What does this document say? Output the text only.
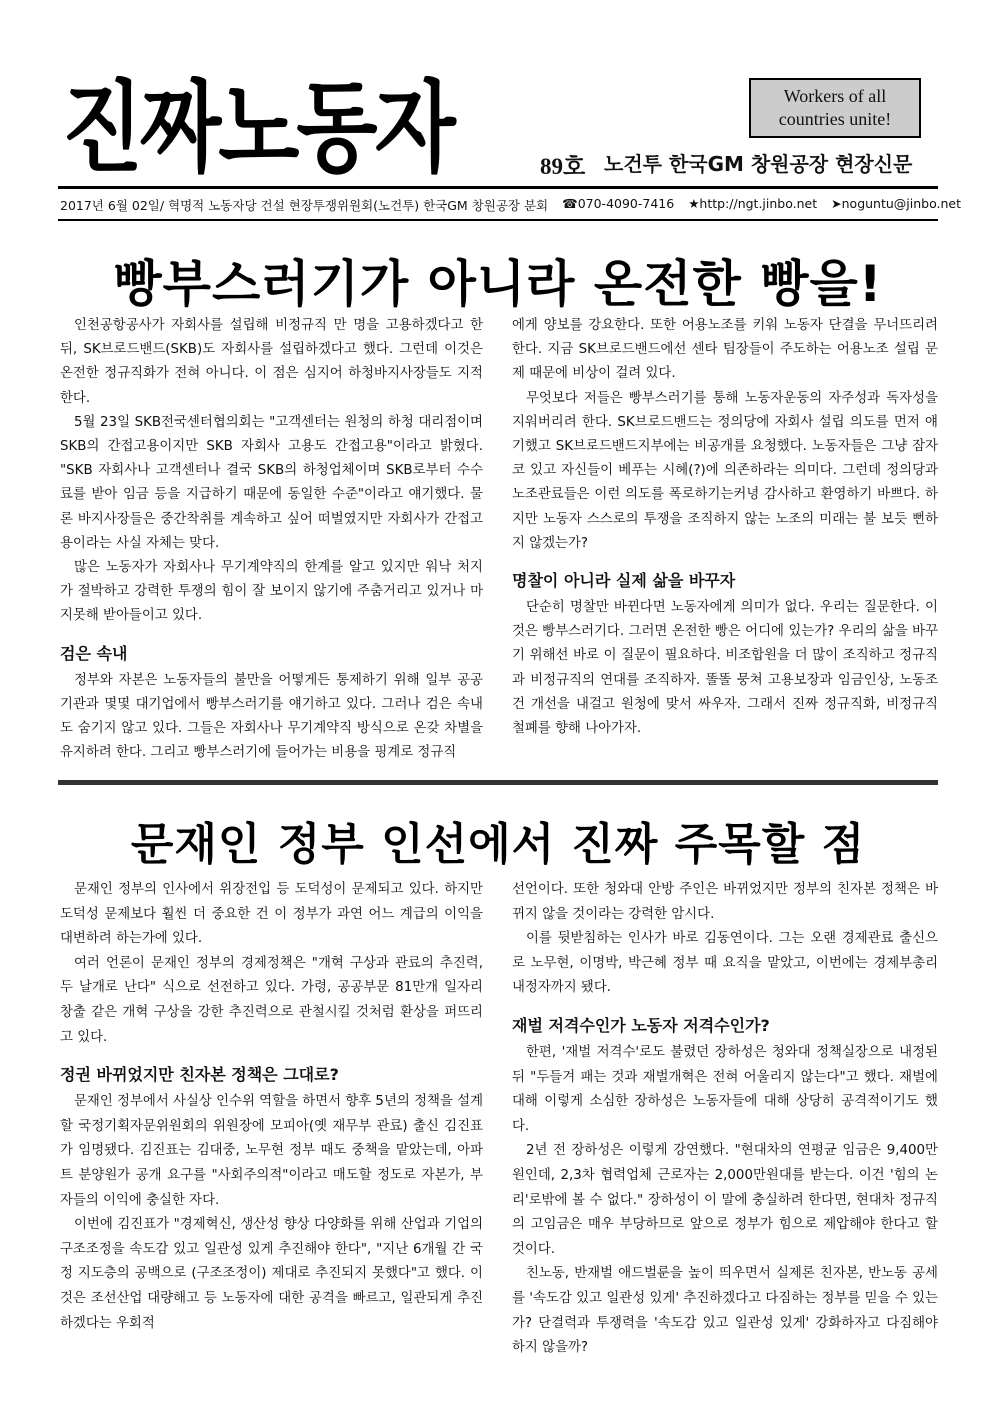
진짜노동자	Workers of all countries unite!
89호 노건투 한국GM 창원공장 현장신문
2017년 6월 02일/ 혁명적 노동자당 건설 현장투쟁위원회(노건투) 한국GM 창원공장 분회 ☎070-4090-7416 ★http://ngt.jinbo.net ➤noguntu@jinbo.net
빵부스러기가 아니라 온전한 빵을!

인천공항공사가 자회사를 설립해 비정규직 만 명을 고용하겠다고 한 뒤, SK브로드밴드(SKB)도 자회사를 설립하겠다고 했다. 그런데 이것은 온전한 정규직화가 전혀 아니다. 이 점은 심지어 하청바지사장들도 지적한다.

5월 23일 SKB전국센터협의회는 "고객센터는 원청의 하청 대리점이며 SKB의 간접고용이지만 SKB 자회사 고용도 간접고용"이라고 밝혔다. "SKB 자회사나 고객센터나 결국 SKB의 하청업체이며 SKB로부터 수수료를 받아 임금 등을 지급하기 때문에 동일한 수준"이라고 얘기했다. 물론 바지사장들은 중간착취를 계속하고 싶어 떠벌였지만 자회사가 간접고용이라는 사실 자체는 맞다.

많은 노동자가 자회사나 무기계약직의 한계를 알고 있지만 워낙 처지가 절박하고 강력한 투쟁의 힘이 잘 보이지 않기에 주춤거리고 있거나 마지못해 받아들이고 있다.

검은 속내

정부와 자본은 노동자들의 불만을 어떻게든 통제하기 위해 일부 공공기관과 몇몇 대기업에서 빵부스러기를 얘기하고 있다. 그러나 검은 속내도 숨기지 않고 있다. 그들은 자회사나 무기계약직 방식으로 온갖 차별을 유지하려 한다. 그리고 빵부스러기에 들어가는 비용을 핑계로 정규직

에게 양보를 강요한다. 또한 어용노조를 키워 노동자 단결을 무너뜨리려 한다. 지금 SK브로드밴드에선 센타 팀장들이 주도하는 어용노조 설립 문제 때문에 비상이 걸려 있다.

무엇보다 저들은 빵부스러기를 통해 노동자운동의 자주성과 독자성을 지워버리려 한다. SK브로드밴드는 정의당에 자회사 설립 의도를 먼저 얘기했고 SK브로드밴드지부에는 비공개를 요청했다. 노동자들은 그냥 잠자코 있고 자신들이 베푸는 시혜(?)에 의존하라는 의미다. 그런데 정의당과 노조관료들은 이런 의도를 폭로하기는커녕 감사하고 환영하기 바쁘다. 하지만 노동자 스스로의 투쟁을 조직하지 않는 노조의 미래는 불 보듯 뻔하지 않겠는가?

명찰이 아니라 실제 삶을 바꾸자

단순히 명찰만 바뀐다면 노동자에게 의미가 없다. 우리는 질문한다. 이것은 빵부스러기다. 그러면 온전한 빵은 어디에 있는가? 우리의 삶을 바꾸기 위해선 바로 이 질문이 필요하다. 비조합원을 더 많이 조직하고 정규직과 비정규직의 연대를 조직하자. 똘똘 뭉쳐 고용보장과 임금인상, 노동조건 개선을 내걸고 원청에 맞서 싸우자. 그래서 진짜 정규직화, 비정규직 철폐를 향해 나아가자.

문재인 정부 인선에서 진짜 주목할 점

문재인 정부의 인사에서 위장전입 등 도덕성이 문제되고 있다. 하지만 도덕성 문제보다 훨씬 더 중요한 건 이 정부가 과연 어느 계급의 이익을 대변하려 하는가에 있다.

여러 언론이 문재인 정부의 경제정책은 "개혁 구상과 관료의 추진력, 두 날개로 난다" 식으로 선전하고 있다. 가령, 공공부문 81만개 일자리 창출 같은 개혁 구상을 강한 추진력으로 관철시킬 것처럼 환상을 퍼뜨리고 있다.

정권 바뀌었지만 친자본 정책은 그대로?

문재인 정부에서 사실상 인수위 역할을 하면서 향후 5년의 정책을 설계할 국정기획자문위원회의 위원장에 모피아(옛 재무부 관료) 출신 김진표가 임명됐다. 김진표는 김대중, 노무현 정부 때도 중책을 맡았는데, 아파트 분양원가 공개 요구를 "사회주의적"이라고 매도할 정도로 자본가, 부자들의 이익에 충실한 자다.

이번에 김진표가 "경제혁신, 생산성 향상 다양화를 위해 산업과 기업의 구조조정을 속도감 있고 일관성 있게 추진해야 한다", "지난 6개월 간 국정 지도층의 공백으로 (구조조정이) 제대로 추진되지 못했다"고 했다. 이것은 조선산업 대량해고 등 노동자에 대한 공격을 빠르고, 일관되게 추진하겠다는 우회적

선언이다. 또한 청와대 안방 주인은 바뀌었지만 정부의 친자본 정책은 바뀌지 않을 것이라는 강력한 암시다.

이를 뒷받침하는 인사가 바로 김동연이다. 그는 오랜 경제관료 출신으로 노무현, 이명박, 박근혜 정부 때 요직을 맡았고, 이번에는 경제부총리 내정자까지 됐다.

재벌 저격수인가 노동자 저격수인가?

한편, '재벌 저격수'로도 불렸던 장하성은 청와대 정책실장으로 내정된 뒤 "두들겨 패는 것과 재벌개혁은 전혀 어울리지 않는다"고 했다. 재벌에 대해 이렇게 소심한 장하성은 노동자들에 대해 상당히 공격적이기도 했다.

2년 전 장하성은 이렇게 강연했다. "현대차의 연평균 임금은 9,400만원인데, 2,3차 협력업체 근로자는 2,000만원대를 받는다. 이건 '힘의 논리'로밖에 볼 수 없다." 장하성이 이 말에 충실하려 한다면, 현대차 정규직의 고임금은 매우 부당하므로 앞으로 정부가 힘으로 제압해야 한다고 할 것이다.

친노동, 반재벌 애드벌룬을 높이 띄우면서 실제론 친자본, 반노동 공세를 '속도감 있고 일관성 있게' 추진하겠다고 다짐하는 정부를 믿을 수 있는가? 단결력과 투쟁력을 '속도감 있고 일관성 있게' 강화하자고 다짐해야 하지 않을까?
